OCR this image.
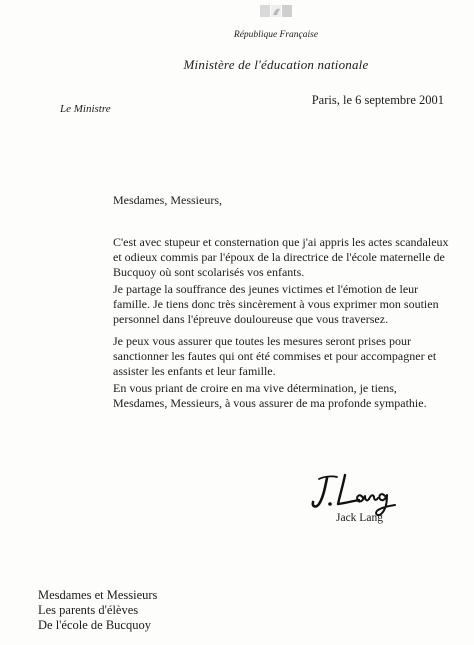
République Française
Ministère de l'éducation nationale
Paris, le 6 septembre 2001
Le Ministre
Mesdames, Messieurs,
C'est avec stupeur et consternation que j'ai appris les actes scandaleux et odieux commis par l'époux de la directrice de l'école maternelle de Bucquoy où sont scolarisés vos enfants.
Je partage la souffrance des jeunes victimes et l'émotion de leur famille. Je tiens donc très sincèrement à vous exprimer mon soutien personnel dans l'épreuve douloureuse que vous traversez.
Je peux vous assurer que toutes les mesures seront prises pour sanctionner les fautes qui ont été commises et pour accompagner et assister les enfants et leur famille.
En vous priant de croire en ma vive détermination, je tiens, Mesdames, Messieurs, à vous assurer de ma profonde sympathie.
Jack Lang
Mesdames et Messieurs
Les parents d'élèves
De l'école de Bucquoy
